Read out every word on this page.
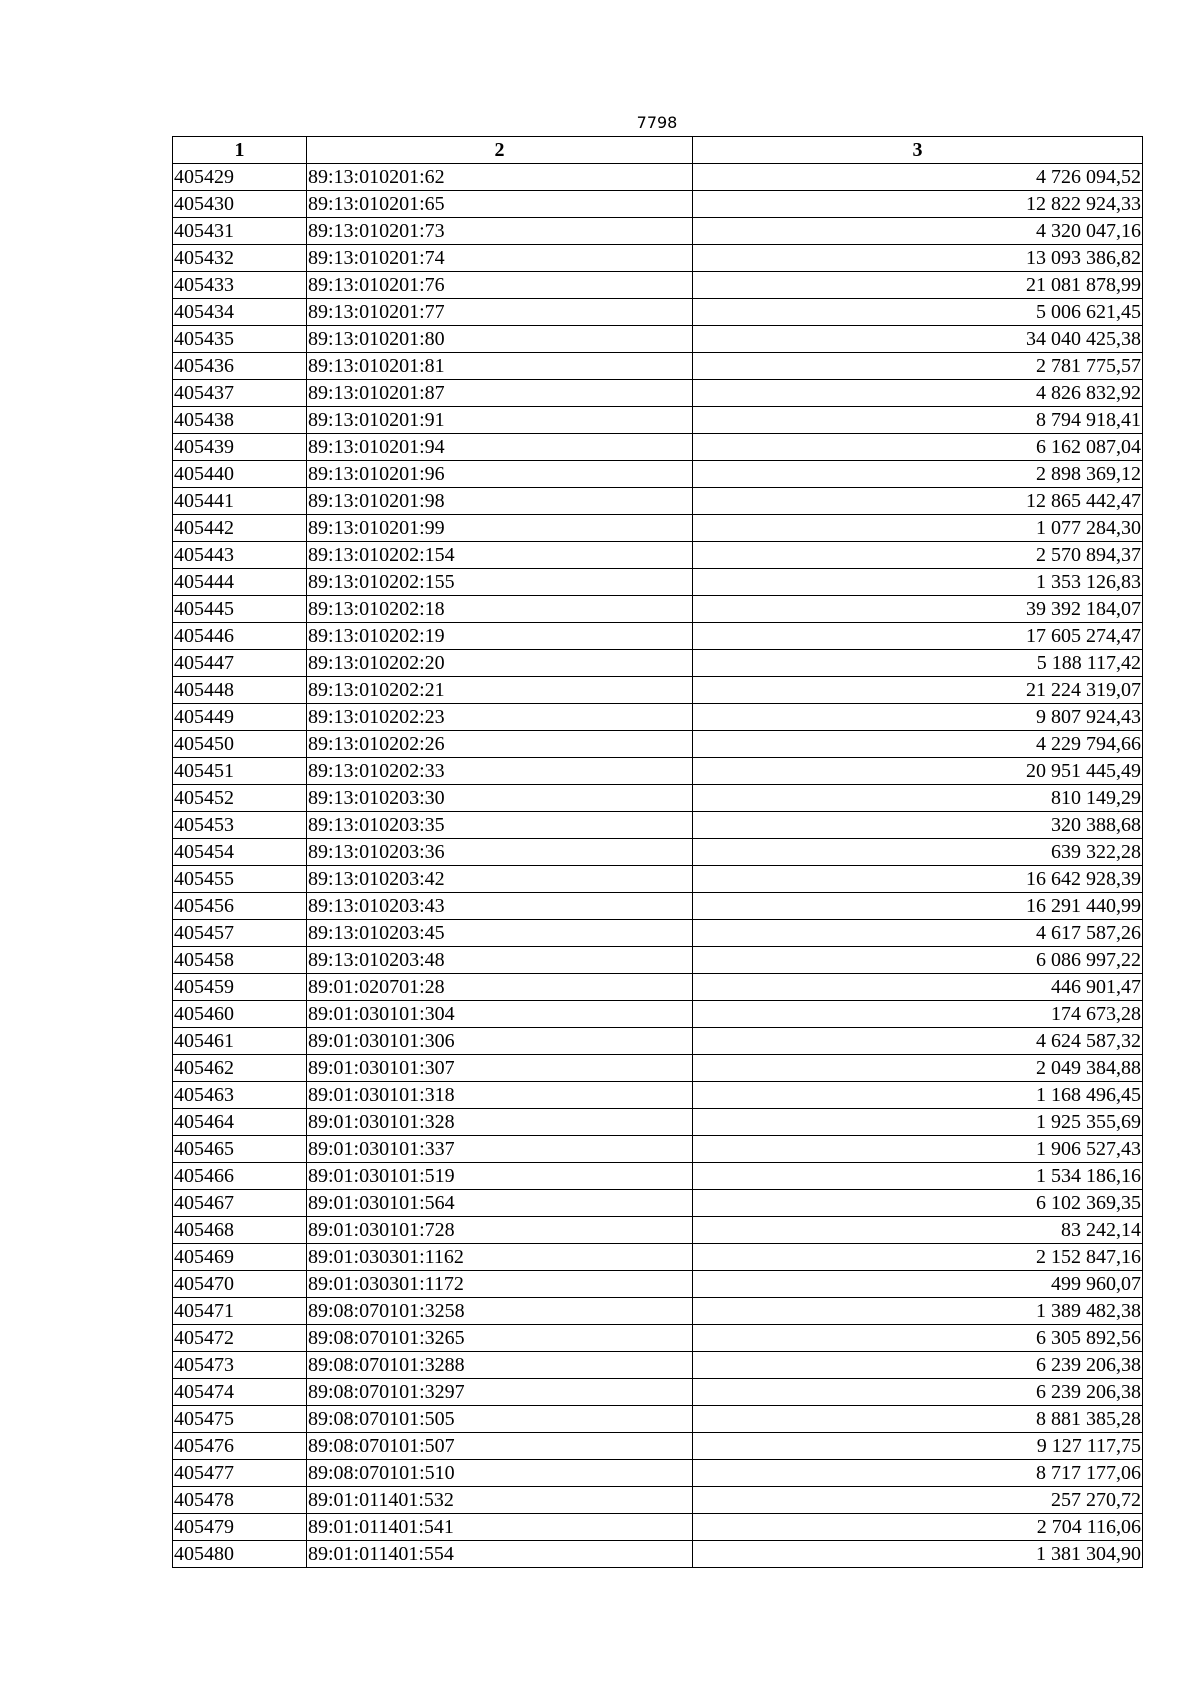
7798
1	2	3
405429	89:13:010201:62	4 726 094,52
405430	89:13:010201:65	12 822 924,33
405431	89:13:010201:73	4 320 047,16
405432	89:13:010201:74	13 093 386,82
405433	89:13:010201:76	21 081 878,99
405434	89:13:010201:77	5 006 621,45
405435	89:13:010201:80	34 040 425,38
405436	89:13:010201:81	2 781 775,57
405437	89:13:010201:87	4 826 832,92
405438	89:13:010201:91	8 794 918,41
405439	89:13:010201:94	6 162 087,04
405440	89:13:010201:96	2 898 369,12
405441	89:13:010201:98	12 865 442,47
405442	89:13:010201:99	1 077 284,30
405443	89:13:010202:154	2 570 894,37
405444	89:13:010202:155	1 353 126,83
405445	89:13:010202:18	39 392 184,07
405446	89:13:010202:19	17 605 274,47
405447	89:13:010202:20	5 188 117,42
405448	89:13:010202:21	21 224 319,07
405449	89:13:010202:23	9 807 924,43
405450	89:13:010202:26	4 229 794,66
405451	89:13:010202:33	20 951 445,49
405452	89:13:010203:30	810 149,29
405453	89:13:010203:35	320 388,68
405454	89:13:010203:36	639 322,28
405455	89:13:010203:42	16 642 928,39
405456	89:13:010203:43	16 291 440,99
405457	89:13:010203:45	4 617 587,26
405458	89:13:010203:48	6 086 997,22
405459	89:01:020701:28	446 901,47
405460	89:01:030101:304	174 673,28
405461	89:01:030101:306	4 624 587,32
405462	89:01:030101:307	2 049 384,88
405463	89:01:030101:318	1 168 496,45
405464	89:01:030101:328	1 925 355,69
405465	89:01:030101:337	1 906 527,43
405466	89:01:030101:519	1 534 186,16
405467	89:01:030101:564	6 102 369,35
405468	89:01:030101:728	83 242,14
405469	89:01:030301:1162	2 152 847,16
405470	89:01:030301:1172	499 960,07
405471	89:08:070101:3258	1 389 482,38
405472	89:08:070101:3265	6 305 892,56
405473	89:08:070101:3288	6 239 206,38
405474	89:08:070101:3297	6 239 206,38
405475	89:08:070101:505	8 881 385,28
405476	89:08:070101:507	9 127 117,75
405477	89:08:070101:510	8 717 177,06
405478	89:01:011401:532	257 270,72
405479	89:01:011401:541	2 704 116,06
405480	89:01:011401:554	1 381 304,90
